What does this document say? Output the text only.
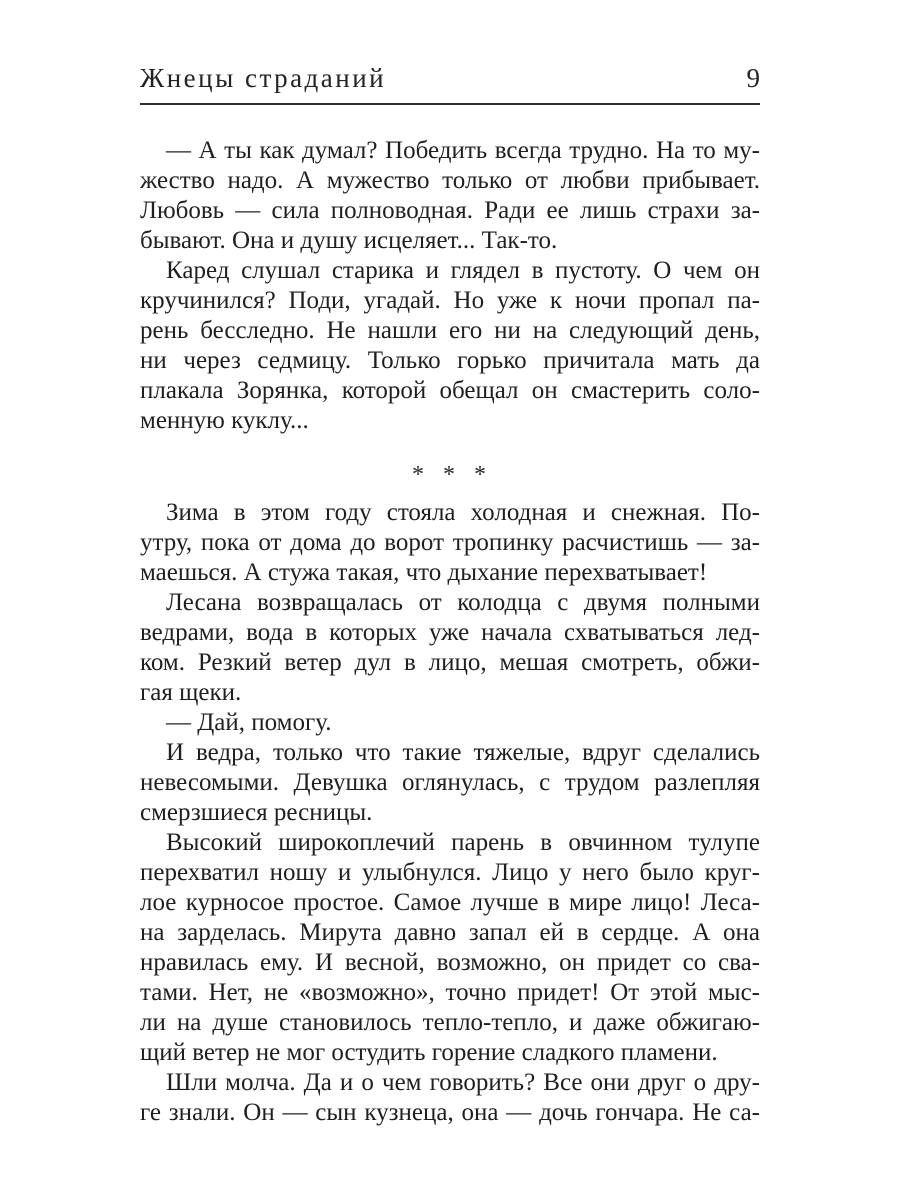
Жнецы страданий	9
— А ты как думал? Победить всегда трудно. На то му-
жество надо. А мужество только от любви прибывает.
Любовь — сила полноводная. Ради ее лишь страхи за-
бывают. Она и душу исцеляет... Так-то.
Каред слушал старика и глядел в пустоту. О чем он
кручинился? Поди, угадай. Но уже к ночи пропал па-
рень бесследно. Не нашли его ни на следующий день,
ни через седмицу. Только горько причитала мать да
плакала Зорянка, которой обещал он смастерить соло-
менную куклу...
* * *
Зима в этом году стояла холодная и снежная. По-
утру, пока от дома до ворот тропинку расчистишь — за-
маешься. А стужа такая, что дыхание перехватывает!
Лесана возвращалась от колодца с двумя полными
ведрами, вода в которых уже начала схватываться лед-
ком. Резкий ветер дул в лицо, мешая смотреть, обжи-
гая щеки.
— Дай, помогу.
И ведра, только что такие тяжелые, вдруг сделались
невесомыми. Девушка оглянулась, с трудом разлепляя
смерзшиеся ресницы.
Высокий широкоплечий парень в овчинном тулупе
перехватил ношу и улыбнулся. Лицо у него было круг-
лое курносое простое. Самое лучше в мире лицо! Леса-
на зарделась. Мирута давно запал ей в сердце. А она
нравилась ему. И весной, возможно, он придет со сва-
тами. Нет, не «возможно», точно придет! От этой мыс-
ли на душе становилось тепло-тепло, и даже обжигаю-
щий ветер не мог остудить горение сладкого пламени.
Шли молча. Да и о чем говорить? Все они друг о дру-
ге знали. Он — сын кузнеца, она — дочь гончара. Не са-
